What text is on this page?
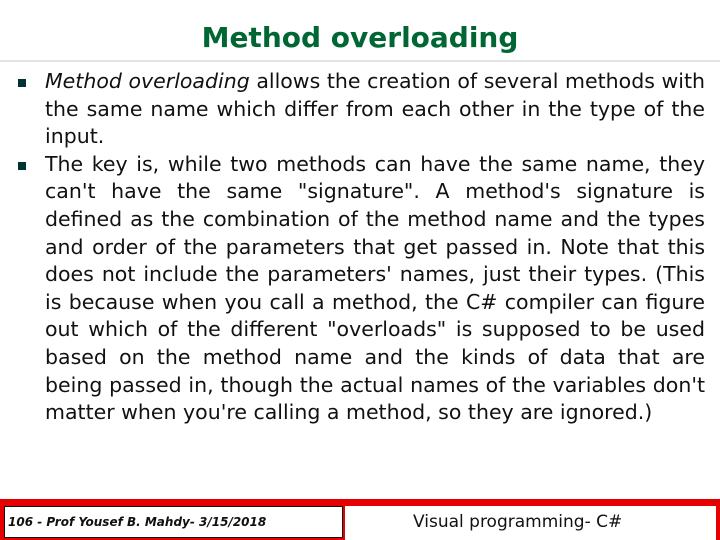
Method overloading
Method overloading allows the creation of several methods with the same name which differ from each other in the type of the input.
The key is, while two methods can have the same name, they can't have the same "signature". A method's signature is defined as the combination of the method name and the types and order of the parameters that get passed in. Note that this does not include the parameters' names, just their types. (This is because when you call a method, the C# compiler can figure out which of the different "overloads" is supposed to be used based on the method name and the kinds of data that are being passed in, though the actual names of the variables don't matter when you're calling a method, so they are ignored.)
106 - Prof Yousef B. Mahdy- 3/15/2018	Visual programming- C#
